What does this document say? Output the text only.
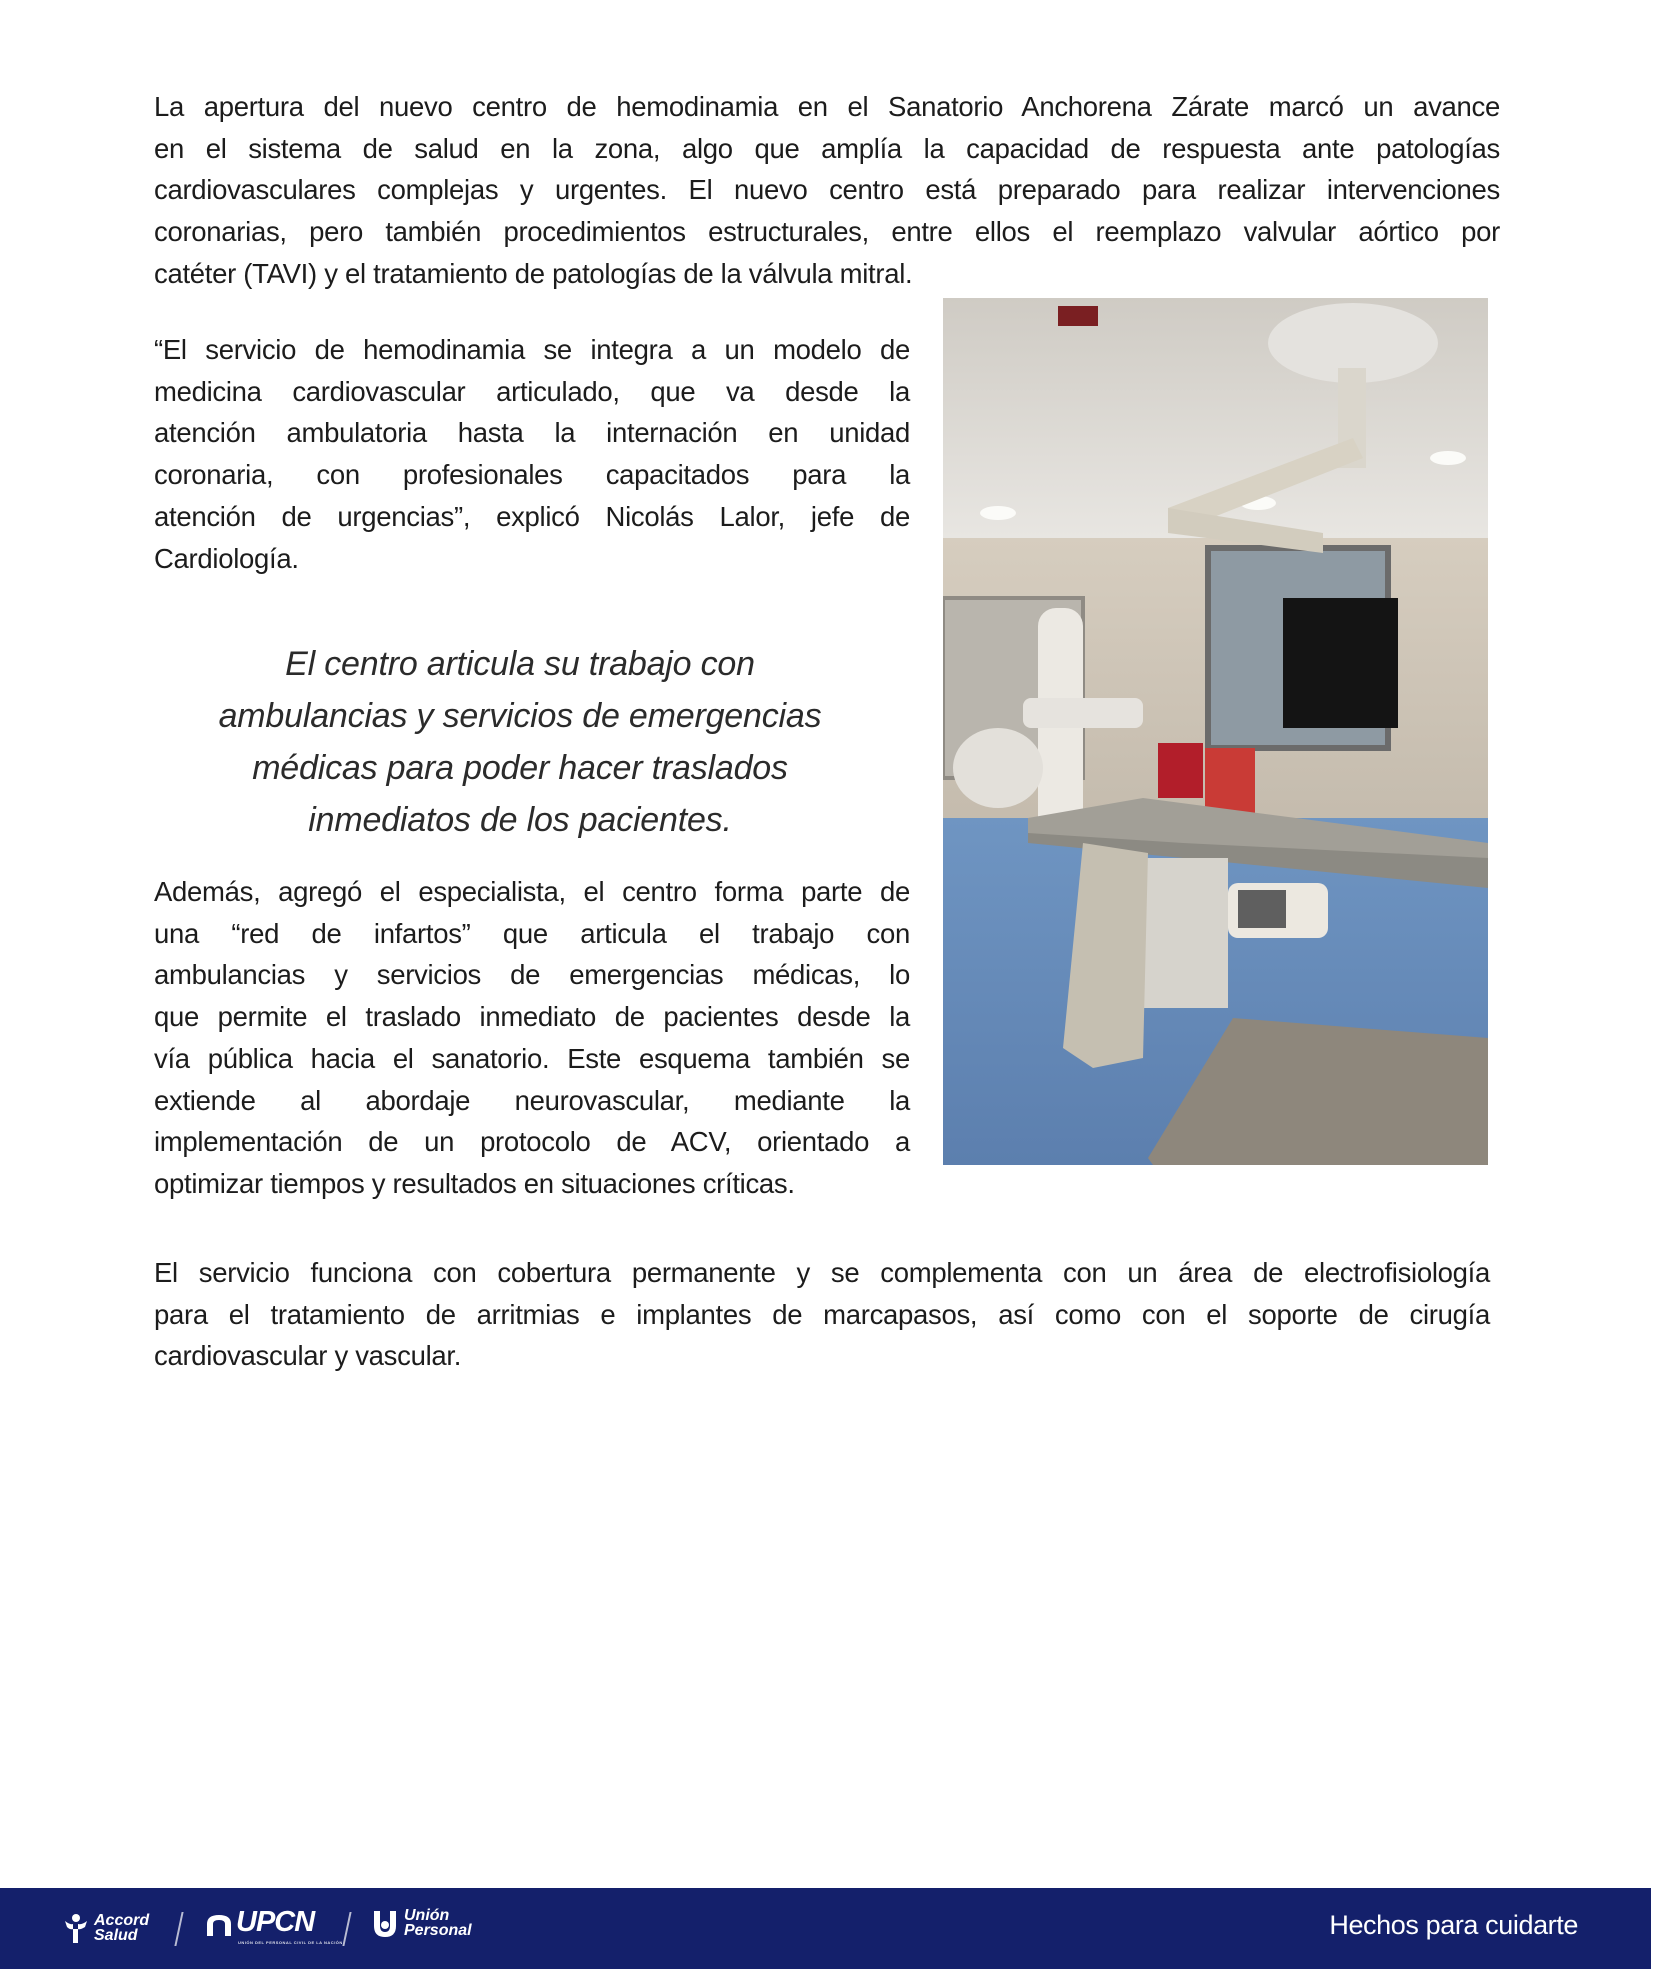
La apertura del nuevo centro de hemodinamia en el Sanatorio Anchorena Zárate marcó un avance
en el sistema de salud en la zona, algo que amplía la capacidad de respuesta ante patologías
cardiovasculares complejas y urgentes. El nuevo centro está preparado para realizar intervenciones
coronarias, pero también procedimientos estructurales, entre ellos el reemplazo valvular aórtico por
catéter (TAVI) y el tratamiento de patologías de la válvula mitral.
“El servicio de hemodinamia se integra a un modelo de
medicina cardiovascular articulado, que va desde la
atención ambulatoria hasta la internación en unidad
coronaria, con profesionales capacitados para la
atención de urgencias”, explicó Nicolás Lalor, jefe de
Cardiología.
El centro articula su trabajo con
ambulancias y servicios de emergencias
médicas para poder hacer traslados
inmediatos de los pacientes.
Además, agregó el especialista, el centro forma parte de
una “red de infartos” que articula el trabajo con
ambulancias y servicios de emergencias médicas, lo
que permite el traslado inmediato de pacientes desde la
vía pública hacia el sanatorio. Este esquema también se
extiende al abordaje neurovascular, mediante la
implementación de un protocolo de ACV, orientado a
optimizar tiempos y resultados en situaciones críticas.
El servicio funciona con cobertura permanente y se complementa con un área de electrofisiología
para el tratamiento de arritmias e implantes de marcapasos, así como con el soporte de cirugía
cardiovascular y vascular.
Accord
Salud	UPCN
UNIÓN DEL PERSONAL CIVIL DE LA NACIÓN
Unión
Personal	Hechos para cuidarte
